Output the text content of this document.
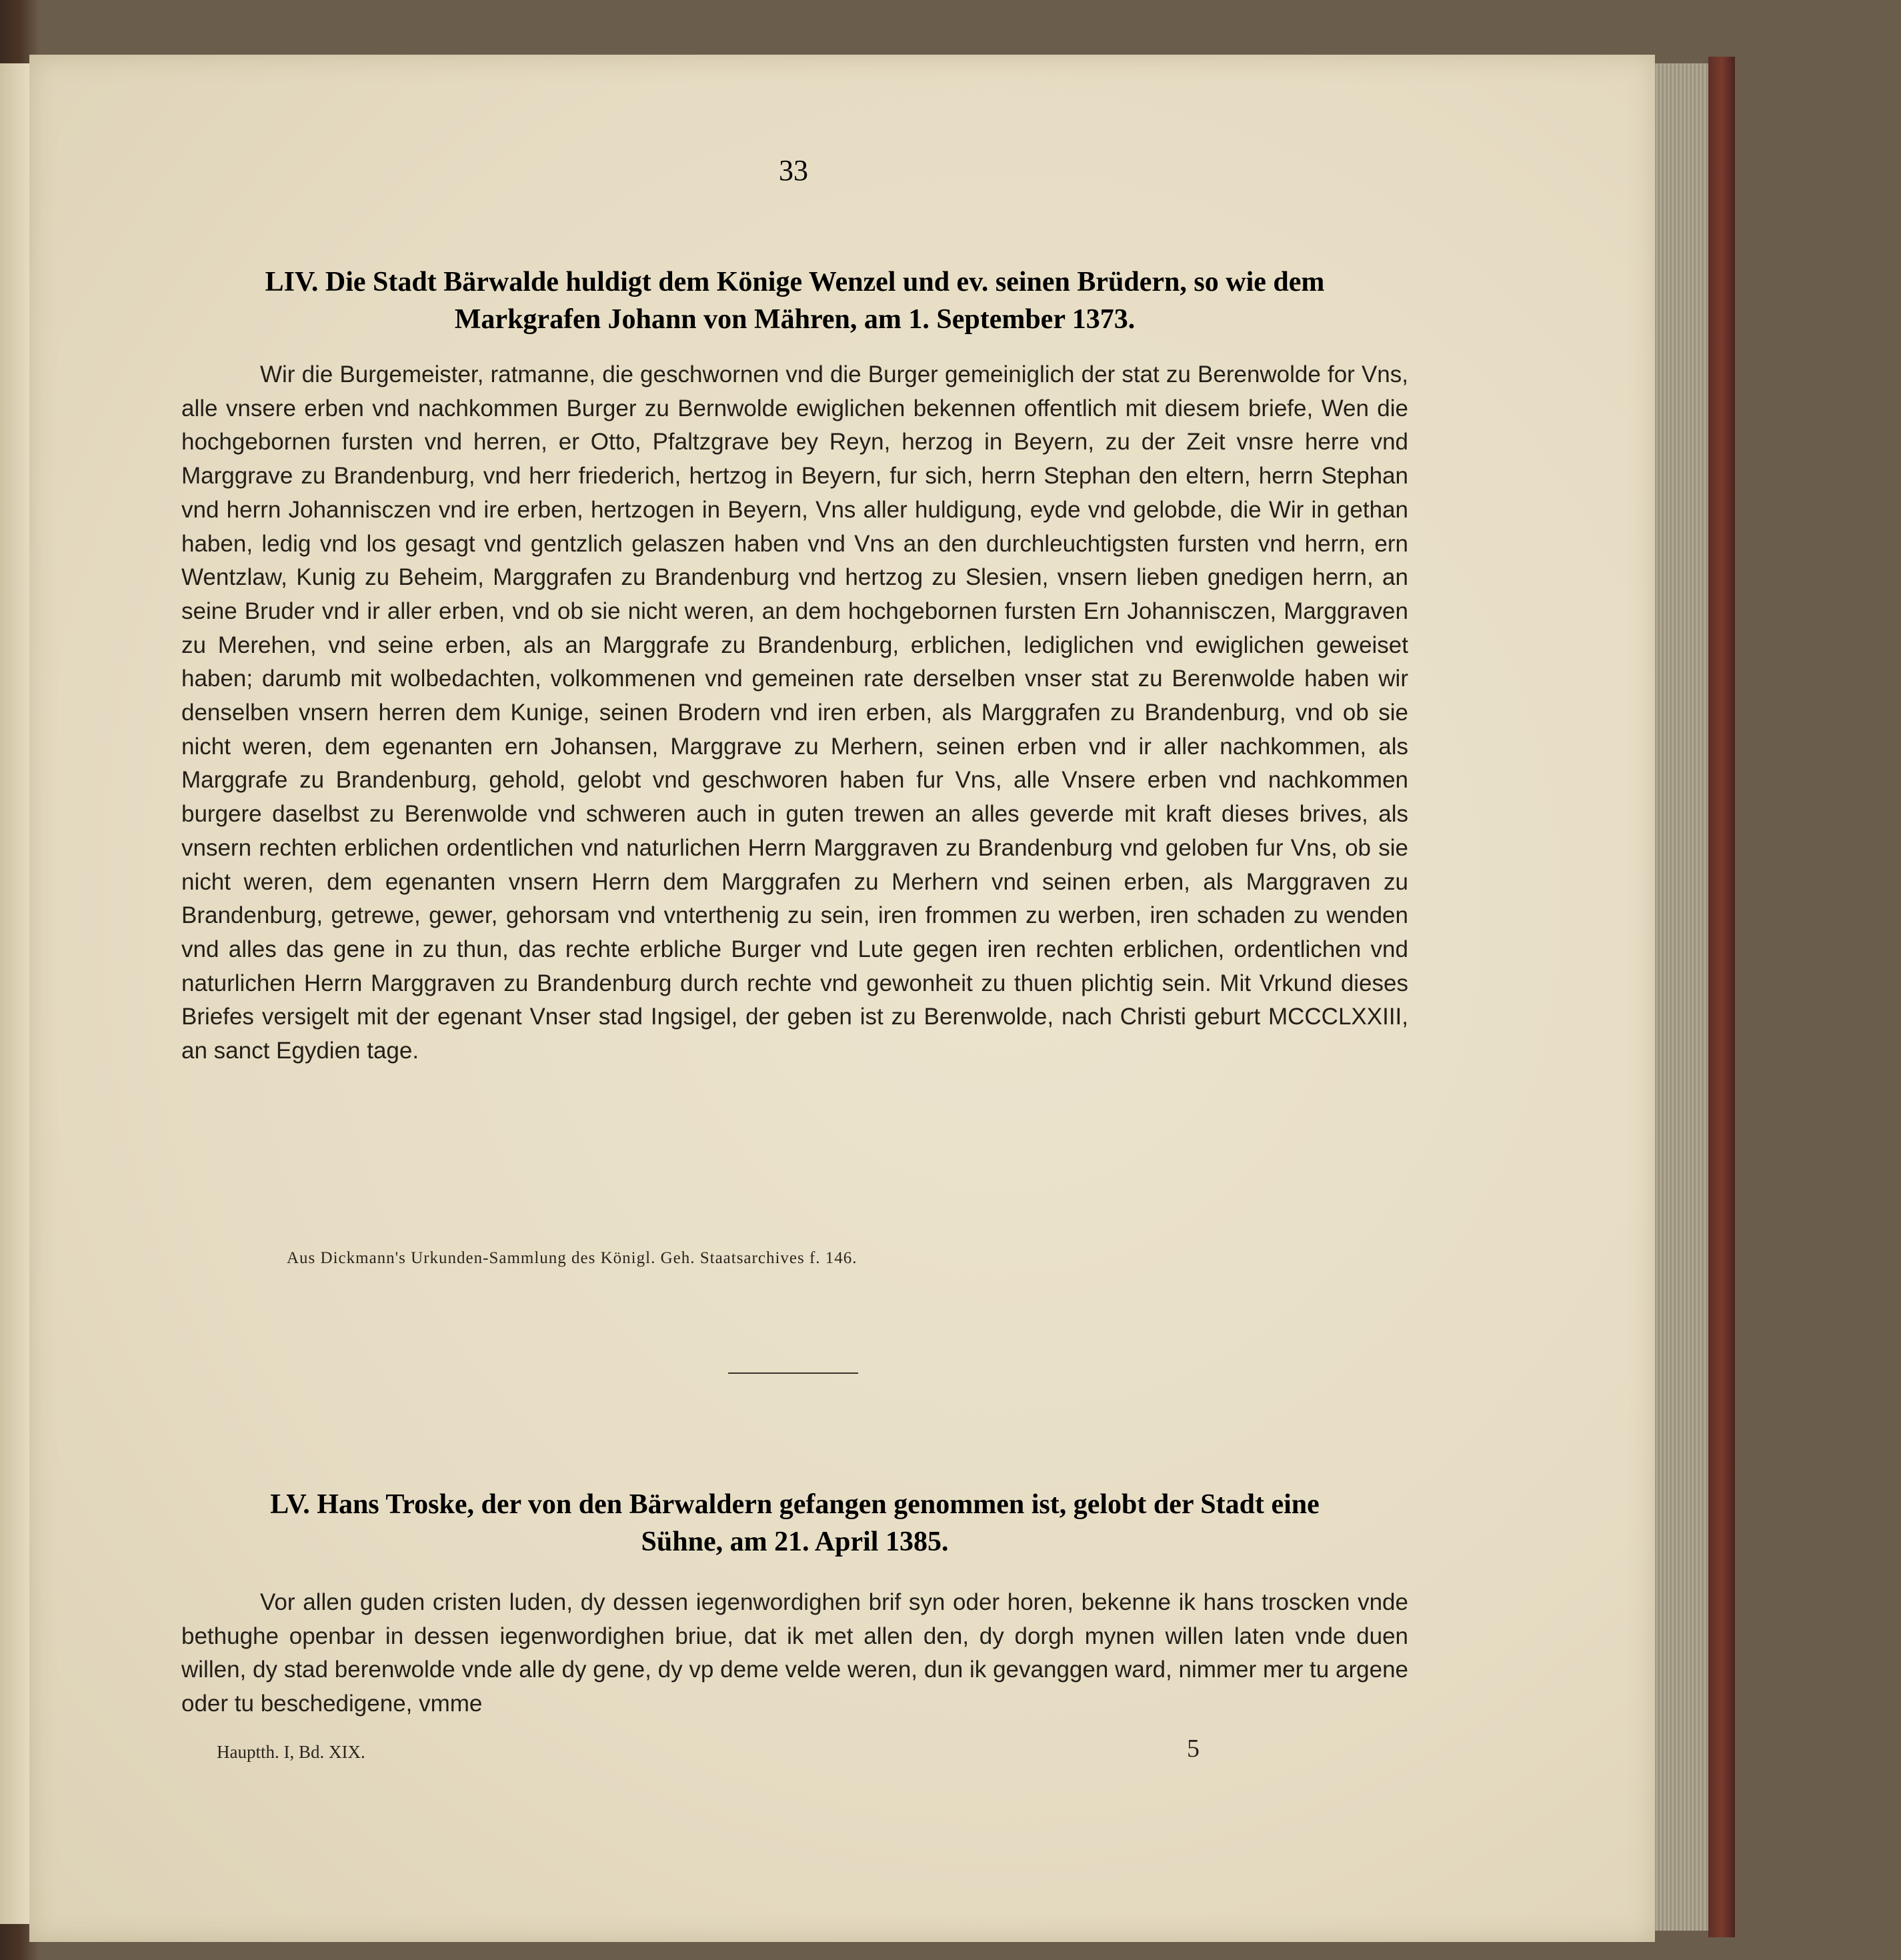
33

LIV. Die Stadt Bärwalde huldigt dem Könige Wenzel und ev. seinen Brüdern, so wie dem
Markgrafen Johann von Mähren, am 1. September 1373.

Wir die Burgemeister, ratmanne, die geschwornen vnd die Burger gemeiniglich der stat zu Berenwolde for Vns, alle vnsere erben vnd nachkommen Burger zu Bernwolde ewiglichen bekennen offentlich mit diesem briefe, Wen die hochgebornen fursten vnd herren, er Otto, Pfaltzgrave bey Reyn, herzog in Beyern, zu der Zeit vnsre herre vnd Marggrave zu Brandenburg, vnd herr friederich, hertzog in Beyern, fur sich, herrn Stephan den eltern, herrn Stephan vnd herrn Johannisczen vnd ire erben, hertzogen in Beyern, Vns aller huldigung, eyde vnd gelobde, die Wir in gethan haben, ledig vnd los gesagt vnd gentzlich gelaszen haben vnd Vns an den durchleuchtigsten fursten vnd herrn, ern Wentzlaw, Kunig zu Beheim, Marggrafen zu Brandenburg vnd hertzog zu Slesien, vnsern lieben gnedigen herrn, an seine Bruder vnd ir aller erben, vnd ob sie nicht weren, an dem hochgebornen fursten Ern Johannisczen, Marggraven zu Merehen, vnd seine erben, als an Marggrafe zu Brandenburg, erblichen, lediglichen vnd ewiglichen geweiset haben; darumb mit wolbedachten, volkommenen vnd gemeinen rate derselben vnser stat zu Berenwolde haben wir denselben vnsern herren dem Kunige, seinen Brodern vnd iren erben, als Marggrafen zu Brandenburg, vnd ob sie nicht weren, dem egenanten ern Johansen, Marggrave zu Merhern, seinen erben vnd ir aller nachkommen, als Marggrafe zu Brandenburg, gehold, gelobt vnd geschworen haben fur Vns, alle Vnsere erben vnd nachkommen burgere daselbst zu Berenwolde vnd schweren auch in guten trewen an alles geverde mit kraft dieses brives, als vnsern rechten erblichen ordentlichen vnd naturlichen Herrn Marggraven zu Brandenburg vnd geloben fur Vns, ob sie nicht weren, dem egenanten vnsern Herrn dem Marggrafen zu Merhern vnd seinen erben, als Marggraven zu Brandenburg, getrewe, gewer, gehorsam vnd vnterthenig zu sein, iren frommen zu werben, iren schaden zu wenden vnd alles das gene in zu thun, das rechte erbliche Burger vnd Lute gegen iren rechten erblichen, ordentlichen vnd naturlichen Herrn Marggraven zu Brandenburg durch rechte vnd gewonheit zu thuen plichtig sein. Mit Vrkund dieses Briefes versigelt mit der egenant Vnser stad Ingsigel, der geben ist zu Berenwolde, nach Christi geburt MCCCLXXIII, an sanct Egydien tage.

Aus Dickmann's Urkunden-Sammlung des Königl. Geh. Staatsarchives f. 146.

LV. Hans Troske, der von den Bärwaldern gefangen genommen ist, gelobt der Stadt eine
Sühne, am 21. April 1385.

Vor allen guden cristen luden, dy dessen iegenwordighen brif syn oder horen, bekenne ik hans troscken vnde bethughe openbar in dessen iegenwordighen briue, dat ik met allen den, dy dorgh mynen willen laten vnde duen willen, dy stad berenwolde vnde alle dy gene, dy vp deme velde weren, dun ik gevanggen ward, nimmer mer tu argene oder tu beschedigene, vmme

Hauptth. I, Bd. XIX.	5
